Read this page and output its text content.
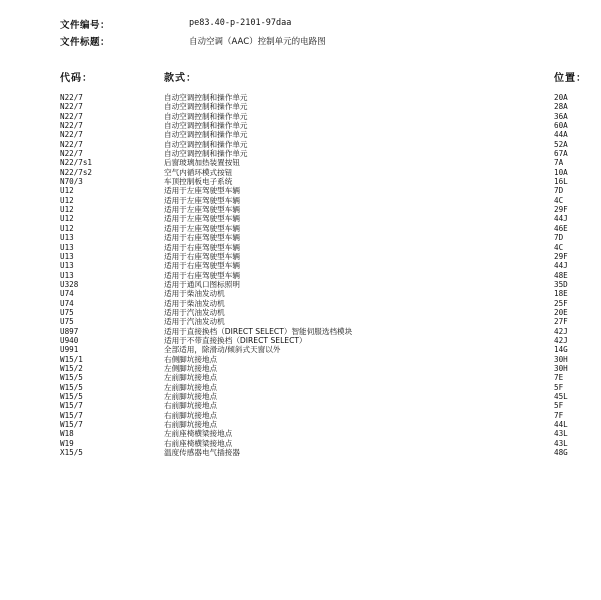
文件编号：	pe83.40-p-2101-97daa
文件标题：	自动空调（AAC）控制单元的电路图
代码：	款式：	位置：
N22/7	自动空调控制和操作单元	20A
N22/7	自动空调控制和操作单元	28A
N22/7	自动空调控制和操作单元	36A
N22/7	自动空调控制和操作单元	60A
N22/7	自动空调控制和操作单元	44A
N22/7	自动空调控制和操作单元	52A
N22/7	自动空调控制和操作单元	67A
N22/7s1	后窗玻璃加热装置按钮	7A
N22/7s2	空气内循环模式按钮	10A
N70/3	车顶控制板电子系统	16L
U12	适用于左座驾驶型车辆	7D
U12	适用于左座驾驶型车辆	4C
U12	适用于左座驾驶型车辆	29F
U12	适用于左座驾驶型车辆	44J
U12	适用于左座驾驶型车辆	46E
U13	适用于右座驾驶型车辆	7D
U13	适用于右座驾驶型车辆	4C
U13	适用于右座驾驶型车辆	29F
U13	适用于右座驾驶型车辆	44J
U13	适用于右座驾驶型车辆	48E
U328	适用于通风口图标照明	35D
U74	适用于柴油发动机	18E
U74	适用于柴油发动机	25F
U75	适用于汽油发动机	20E
U75	适用于汽油发动机	27F
U897	适用于直接换档（DIRECT SELECT）智能伺服选档模块	42J
U940	适用于不带直接换档（DIRECT SELECT）	42J
U991	全部适用，除滑动/倾斜式天窗以外	14G
W15/1	右侧脚坑接地点	30H
W15/2	左侧脚坑接地点	30H
W15/5	左前脚坑接地点	7E
W15/5	左前脚坑接地点	5F
W15/5	左前脚坑接地点	45L
W15/7	右前脚坑接地点	5F
W15/7	右前脚坑接地点	7F
W15/7	右前脚坑接地点	44L
W18	左前座椅横梁接地点	43L
W19	右前座椅横梁接地点	43L
X15/5	温度传感器电气插接器	48G
